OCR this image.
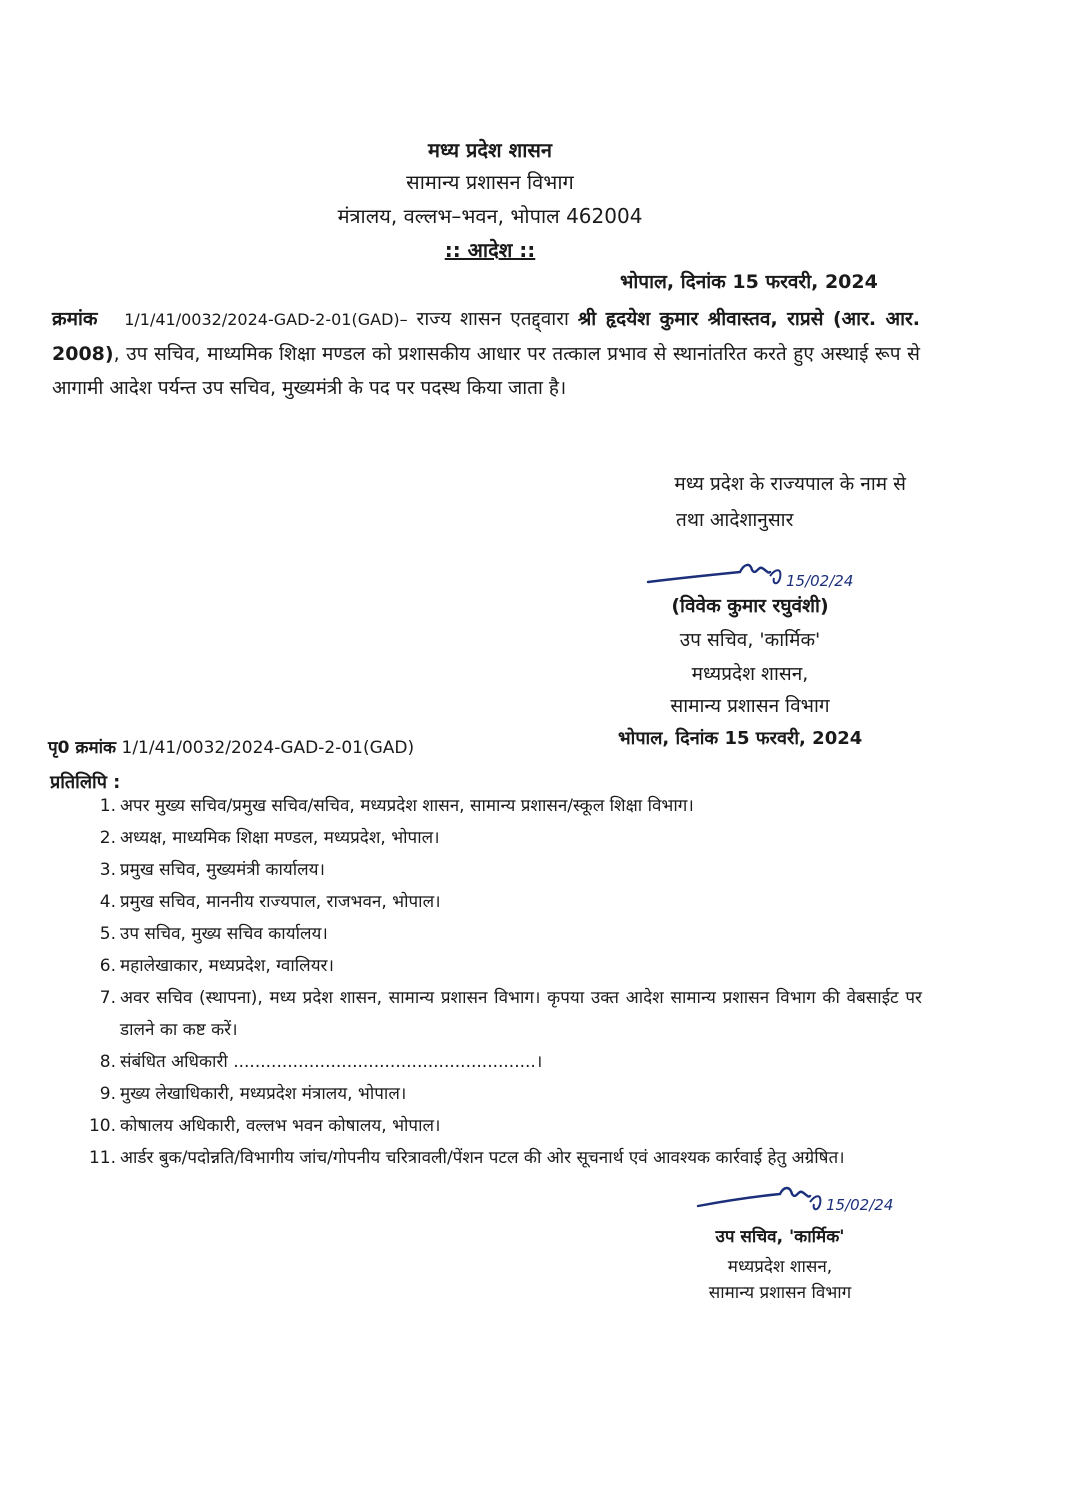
मध्य प्रदेश शासन
सामान्य प्रशासन विभाग
मंत्रालय, वल्लभ–भवन, भोपाल 462004
:: आदेश ::
भोपाल, दिनांक 15 फरवरी, 2024
क्रमांक 1/1/41/0032/2024-GAD-2-01(GAD)– राज्य शासन एतद्द्वारा श्री हृदयेश कुमार श्रीवास्तव, राप्रसे (आर. आर. 2008), उप सचिव, माध्यमिक शिक्षा मण्डल को प्रशासकीय आधार पर तत्काल प्रभाव से स्थानांतरित करते हुए अस्थाई रूप से आगामी आदेश पर्यन्त उप सचिव, मुख्यमंत्री के पद पर पदस्थ किया जाता है।
मध्य प्रदेश के राज्यपाल के नाम से
तथा आदेशानुसार
15/02/24
(विवेक कुमार रघुवंशी)
उप सचिव, 'कार्मिक'
मध्यप्रदेश शासन,
सामान्य प्रशासन विभाग
पृ0 क्रमांक 1/1/41/0032/2024-GAD-2-01(GAD)	भोपाल, दिनांक 15 फरवरी, 2024
प्रतिलिपि :
1. अपर मुख्य सचिव/प्रमुख सचिव/सचिव, मध्यप्रदेश शासन, सामान्य प्रशासन/स्कूल शिक्षा विभाग।
2. अध्यक्ष, माध्यमिक शिक्षा मण्डल, मध्यप्रदेश, भोपाल।
3. प्रमुख सचिव, मुख्यमंत्री कार्यालय।
4. प्रमुख सचिव, माननीय राज्यपाल, राजभवन, भोपाल।
5. उप सचिव, मुख्य सचिव कार्यालय।
6. महालेखाकार, मध्यप्रदेश, ग्वालियर।
7. अवर सचिव (स्थापना), मध्य प्रदेश शासन, सामान्य प्रशासन विभाग। कृपया उक्त आदेश सामान्य प्रशासन विभाग की वेबसाईट पर डालने का कष्ट करें।
8. संबंधित अधिकारी ........................................................।
9. मुख्य लेखाधिकारी, मध्यप्रदेश मंत्रालय, भोपाल।
10. कोषालय अधिकारी, वल्लभ भवन कोषालय, भोपाल।
11. आर्डर बुक/पदोन्नति/विभागीय जांच/गोपनीय चरित्रावली/पेंशन पटल की ओर सूचनार्थ एवं आवश्यक कार्रवाई हेतु अग्रेषित।
15/02/24
उप सचिव, 'कार्मिक'
मध्यप्रदेश शासन,
सामान्य प्रशासन विभाग
